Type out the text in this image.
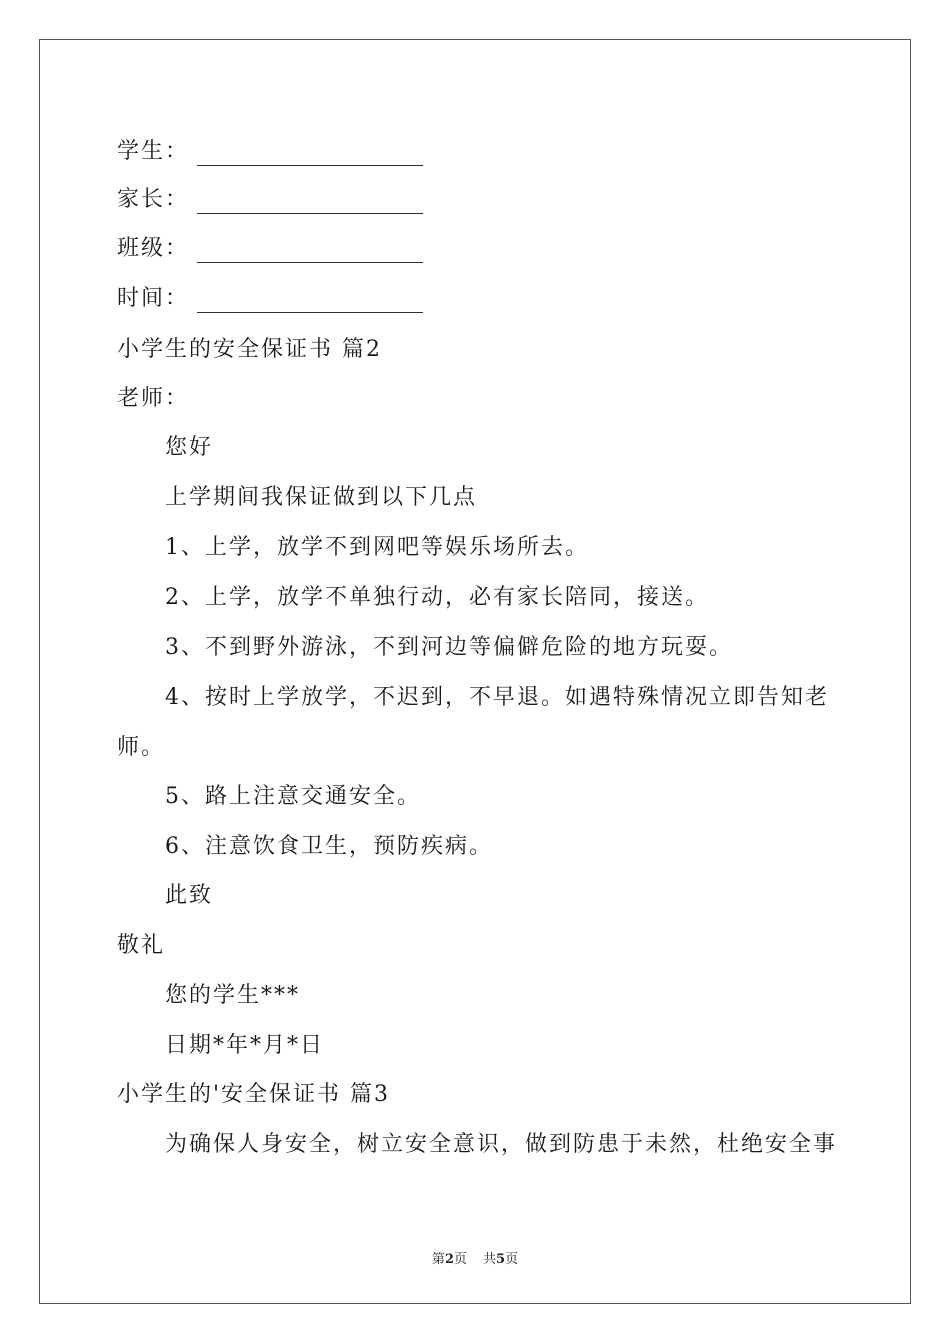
学生：
家长：
班级：
时间：
小学生的安全保证书 篇2
老师：
您好
上学期间我保证做到以下几点
1、上学，放学不到网吧等娱乐场所去。
2、上学，放学不单独行动，必有家长陪同，接送。
3、不到野外游泳，不到河边等偏僻危险的地方玩耍。
4、按时上学放学，不迟到，不早退。如遇特殊情况立即告知老
师。
5、路上注意交通安全。
6、注意饮食卫生，预防疾病。
此致
敬礼
您的学生***
日期*年*月*日
小学生的'安全保证书 篇3
为确保人身安全，树立安全意识，做到防患于未然，杜绝安全事
第2页 共5页
